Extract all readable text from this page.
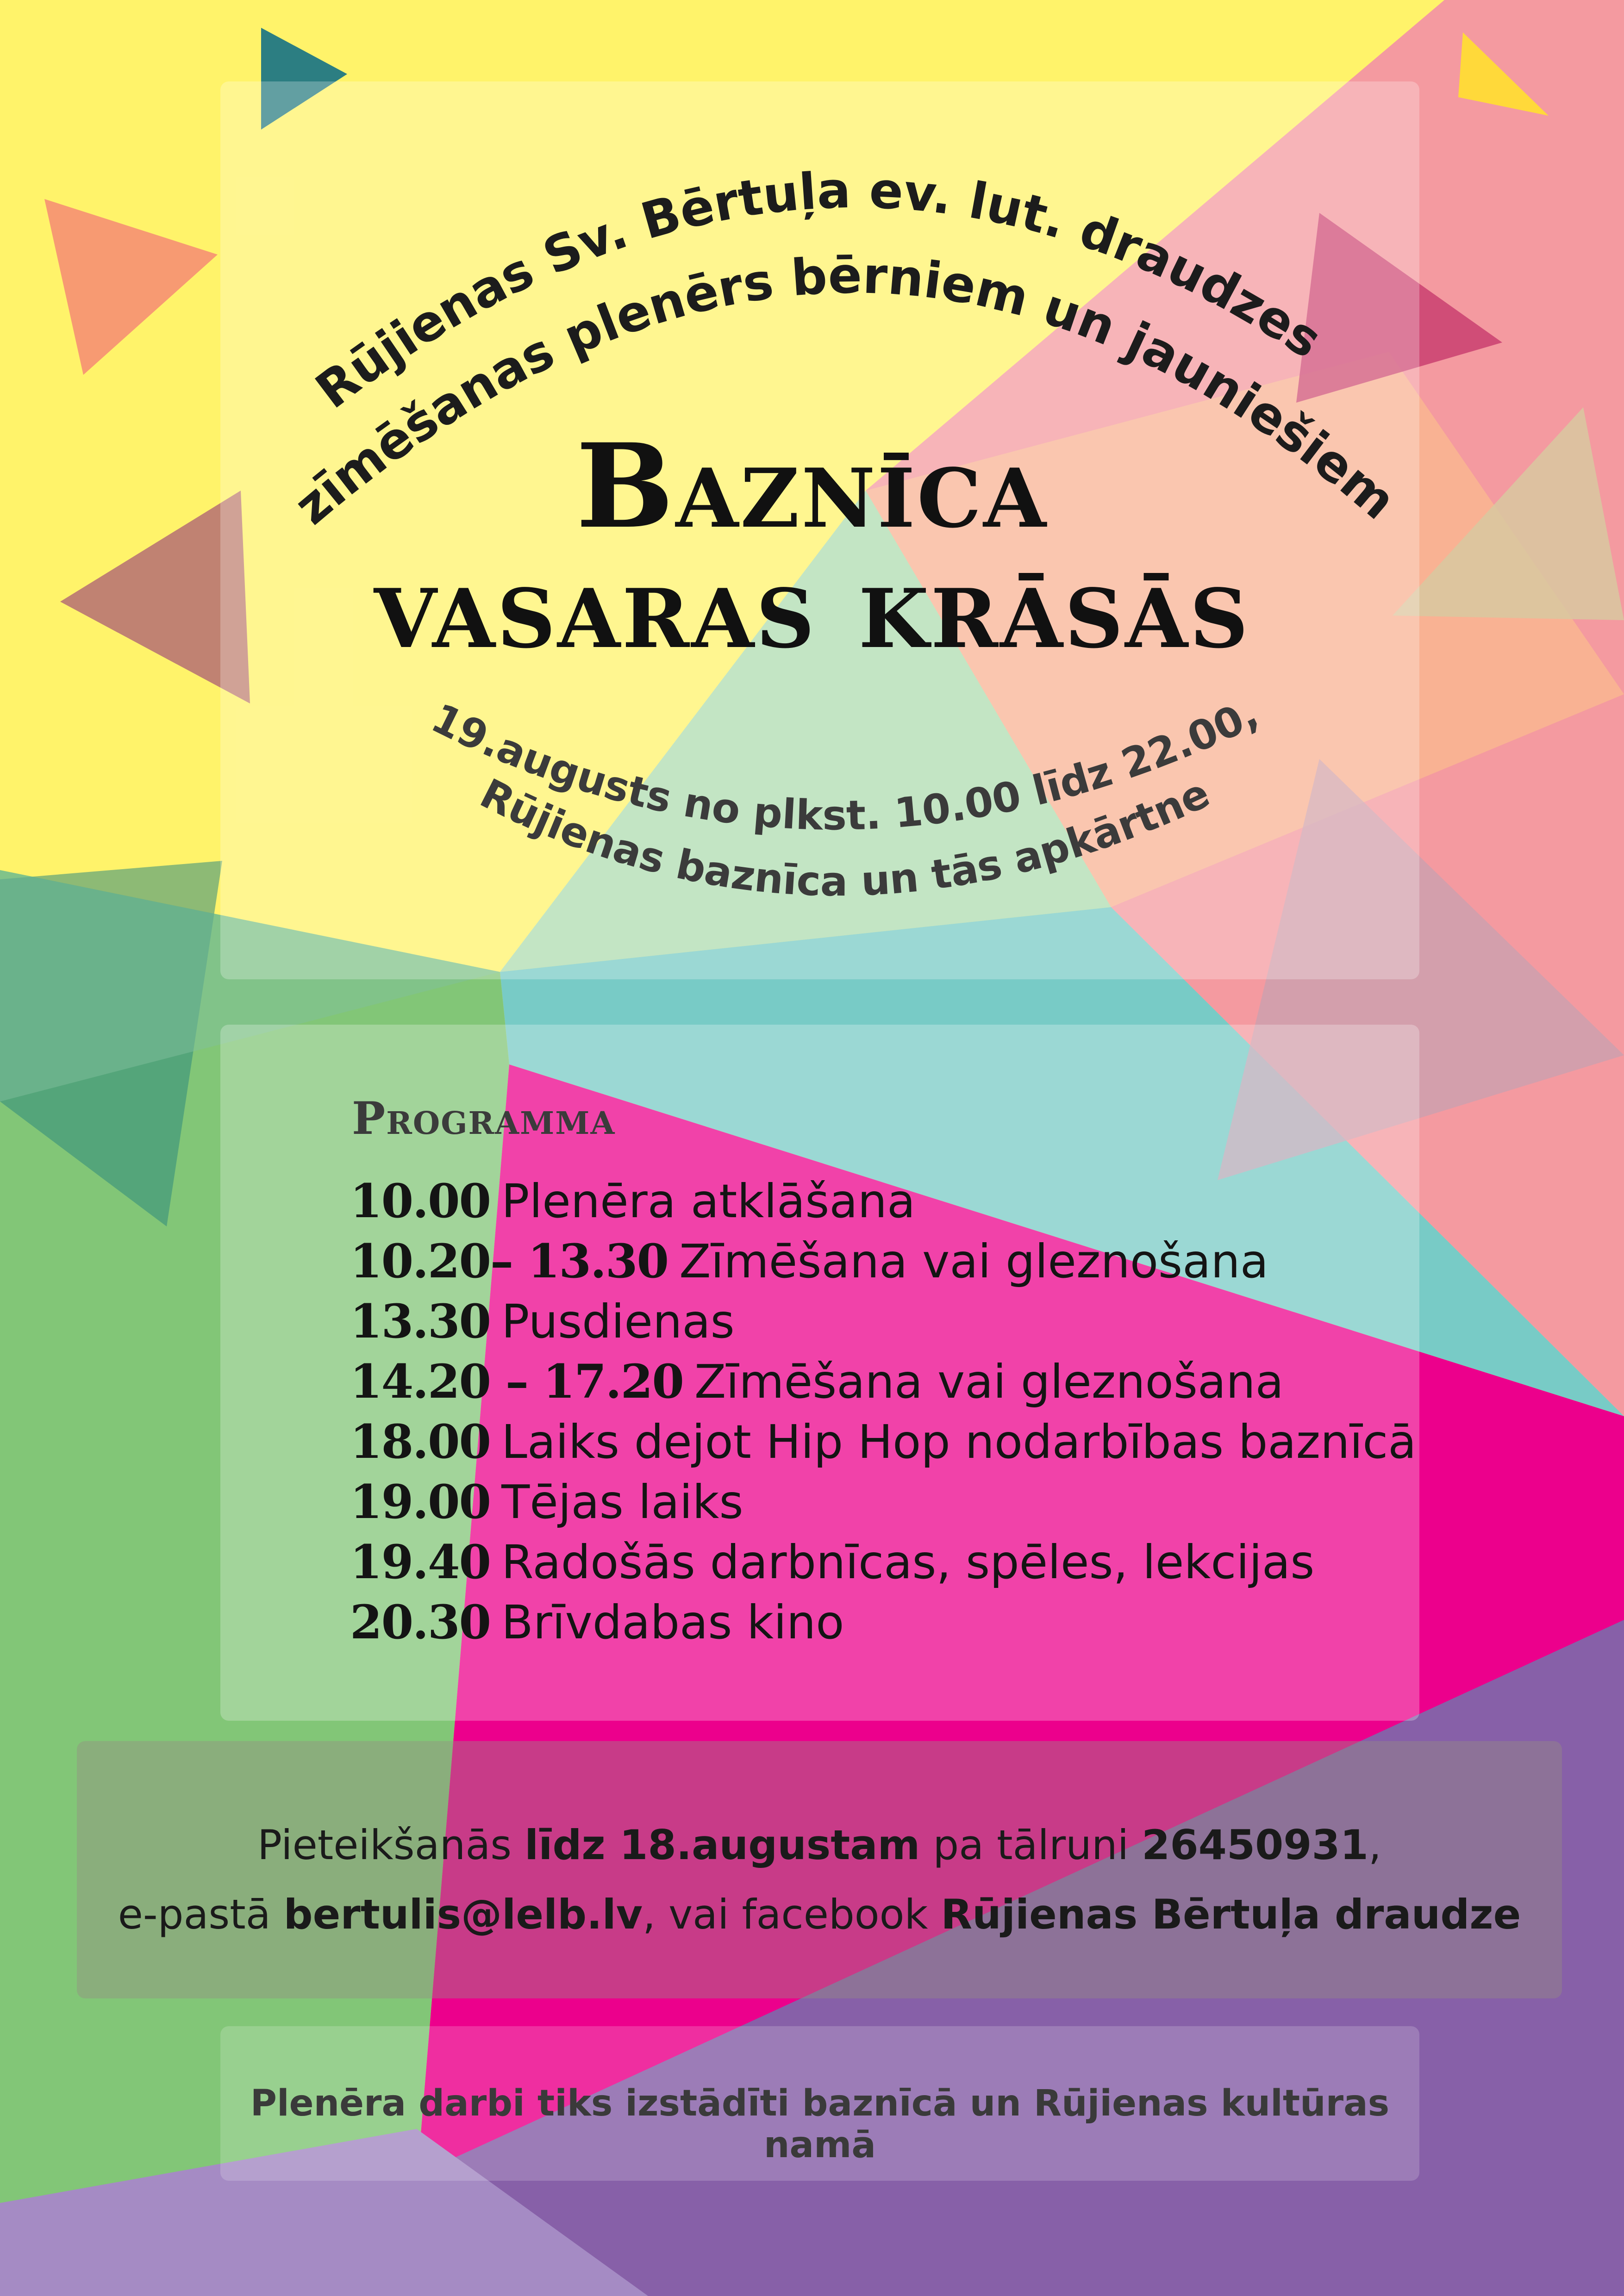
Rūjienas Sv. Bērtuļa ev. lut. draudzes
zīmēšanas plenērs bērniem un jauniešiem
19.augusts no plkst. 10.00 līdz 22.00,
Rūjienas baznīca un tās apkārtne
Baznīca
vasaras krāsās
Programma
10.00 Plenēra atklāšana
10.20– 13.30 Zīmēšana vai gleznošana
13.30 Pusdienas
14.20 – 17.20 Zīmēšana vai gleznošana
18.00 Laiks dejot Hip Hop nodarbības baznīcā
19.00 Tējas laiks
19.40 Radošās darbnīcas, spēles, lekcijas
20.30 Brīvdabas kino
Pieteikšanās līdz 18.augustam pa tālruni 26450931,
e-pastā bertulis@lelb.lv, vai facebook Rūjienas Bērtuļa draudze
Plenēra darbi tiks izstādīti baznīcā un Rūjienas kultūras namā
